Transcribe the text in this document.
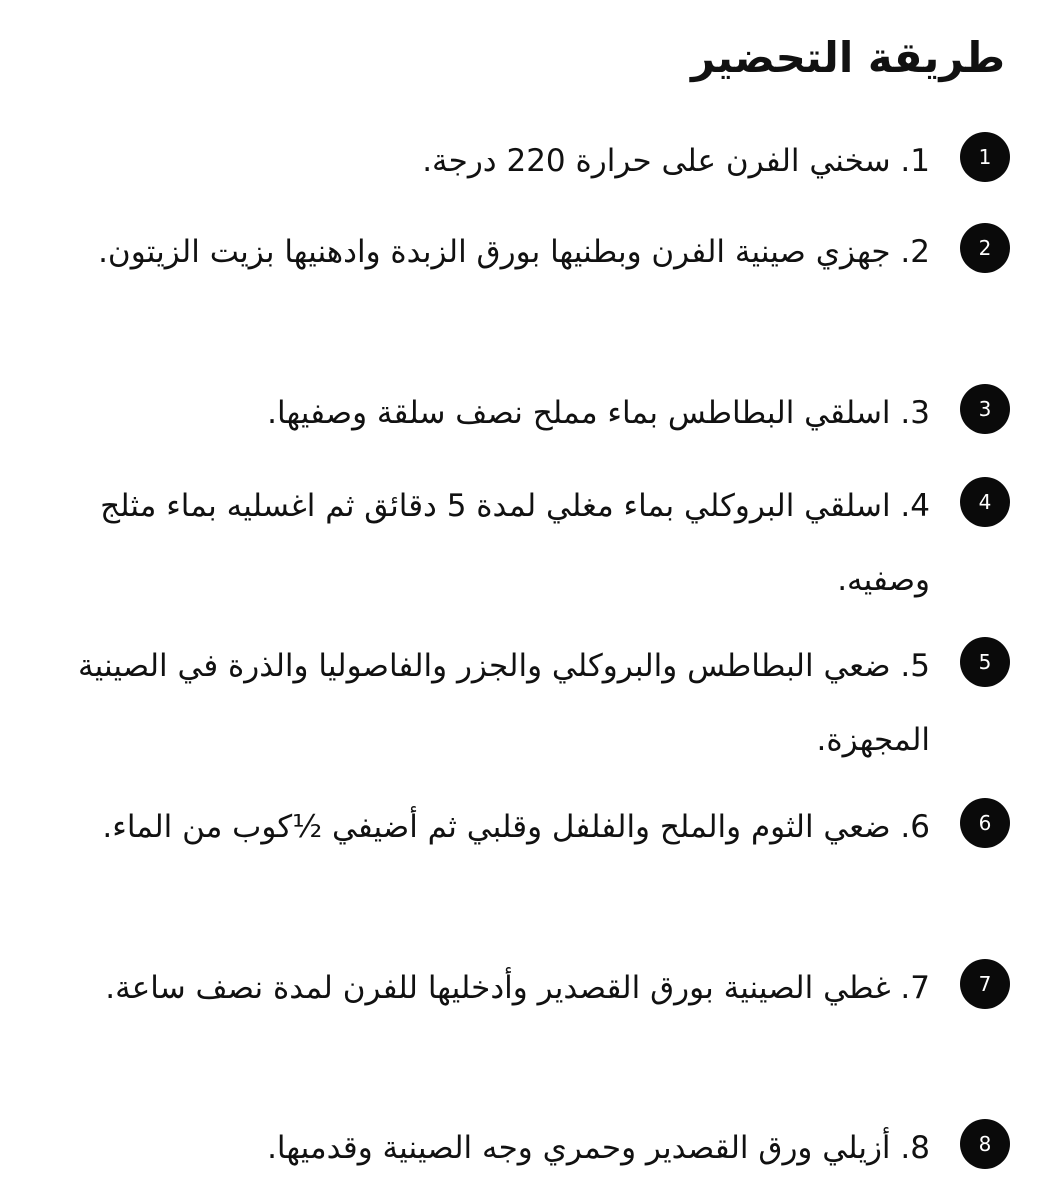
طريقة التحضير
1

1. سخني الفرن على حرارة 220 درجة.

2

2. جهزي صينية الفرن وبطنيها بورق الزبدة وادهنيها بزيت الزيتون.

3

3. اسلقي البطاطس بماء مملح نصف سلقة وصفيها.

4

4. اسلقي البروكلي بماء مغلي لمدة 5 دقائق ثم اغسليه بماء مثلج وصفيه.

5

5. ضعي البطاطس والبروكلي والجزر والفاصوليا والذرة في الصينية المجهزة.

6

6. ضعي الثوم والملح والفلفل وقلبي ثم أضيفي ½كوب من الماء.

7

7. غطي الصينية بورق القصدير وأدخليها للفرن لمدة نصف ساعة.

8

8. أزيلي ورق القصدير وحمري وجه الصينية وقدميها.
